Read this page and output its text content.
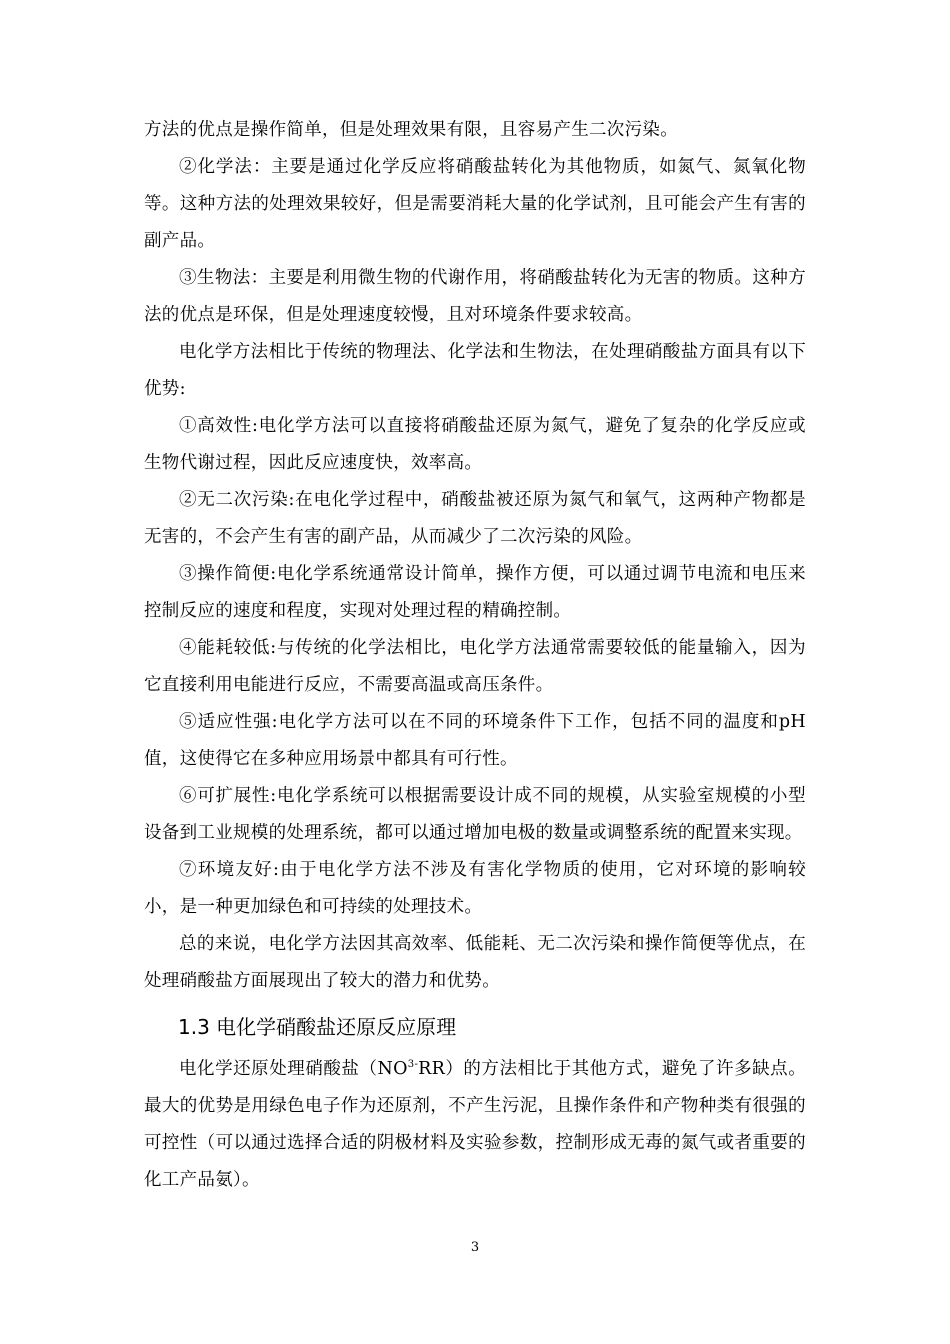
方法的优点是操作简单，但是处理效果有限，且容易产生二次污染。

②化学法：主要是通过化学反应将硝酸盐转化为其他物质，如氮气、氮氧化物等。这种方法的处理效果较好，但是需要消耗大量的化学试剂，且可能会产生有害的副产品。

③生物法：主要是利用微生物的代谢作用，将硝酸盐转化为无害的物质。这种方法的优点是环保，但是处理速度较慢，且对环境条件要求较高。

电化学方法相比于传统的物理法、化学法和生物法，在处理硝酸盐方面具有以下优势:

①高效性:电化学方法可以直接将硝酸盐还原为氮气，避免了复杂的化学反应或生物代谢过程，因此反应速度快，效率高。

②无二次污染:在电化学过程中，硝酸盐被还原为氮气和氧气，这两种产物都是无害的，不会产生有害的副产品，从而减少了二次污染的风险。

③操作简便:电化学系统通常设计简单，操作方便，可以通过调节电流和电压来控制反应的速度和程度，实现对处理过程的精确控制。

④能耗较低:与传统的化学法相比，电化学方法通常需要较低的能量输入，因为它直接利用电能进行反应，不需要高温或高压条件。

⑤适应性强:电化学方法可以在不同的环境条件下工作，包括不同的温度和pH值，这使得它在多种应用场景中都具有可行性。

⑥可扩展性:电化学系统可以根据需要设计成不同的规模，从实验室规模的小型设备到工业规模的处理系统，都可以通过增加电极的数量或调整系统的配置来实现。

⑦环境友好:由于电化学方法不涉及有害化学物质的使用，它对环境的影响较小，是一种更加绿色和可持续的处理技术。

总的来说，电化学方法因其高效率、低能耗、无二次污染和操作简便等优点，在处理硝酸盐方面展现出了较大的潜力和优势。

1.3 电化学硝酸盐还原反应原理

电化学还原处理硝酸盐$(NO^{3-}RR)$的方法相比于其他方式，避免了许多缺点。最大的优势是用绿色电子作为还原剂，不产生污泥，且操作条件和产物种类有很强的可控性（可以通过选择合适的阴极材料及实验参数，控制形成无毒的氮气或者重要的化工产品氨）。

3
